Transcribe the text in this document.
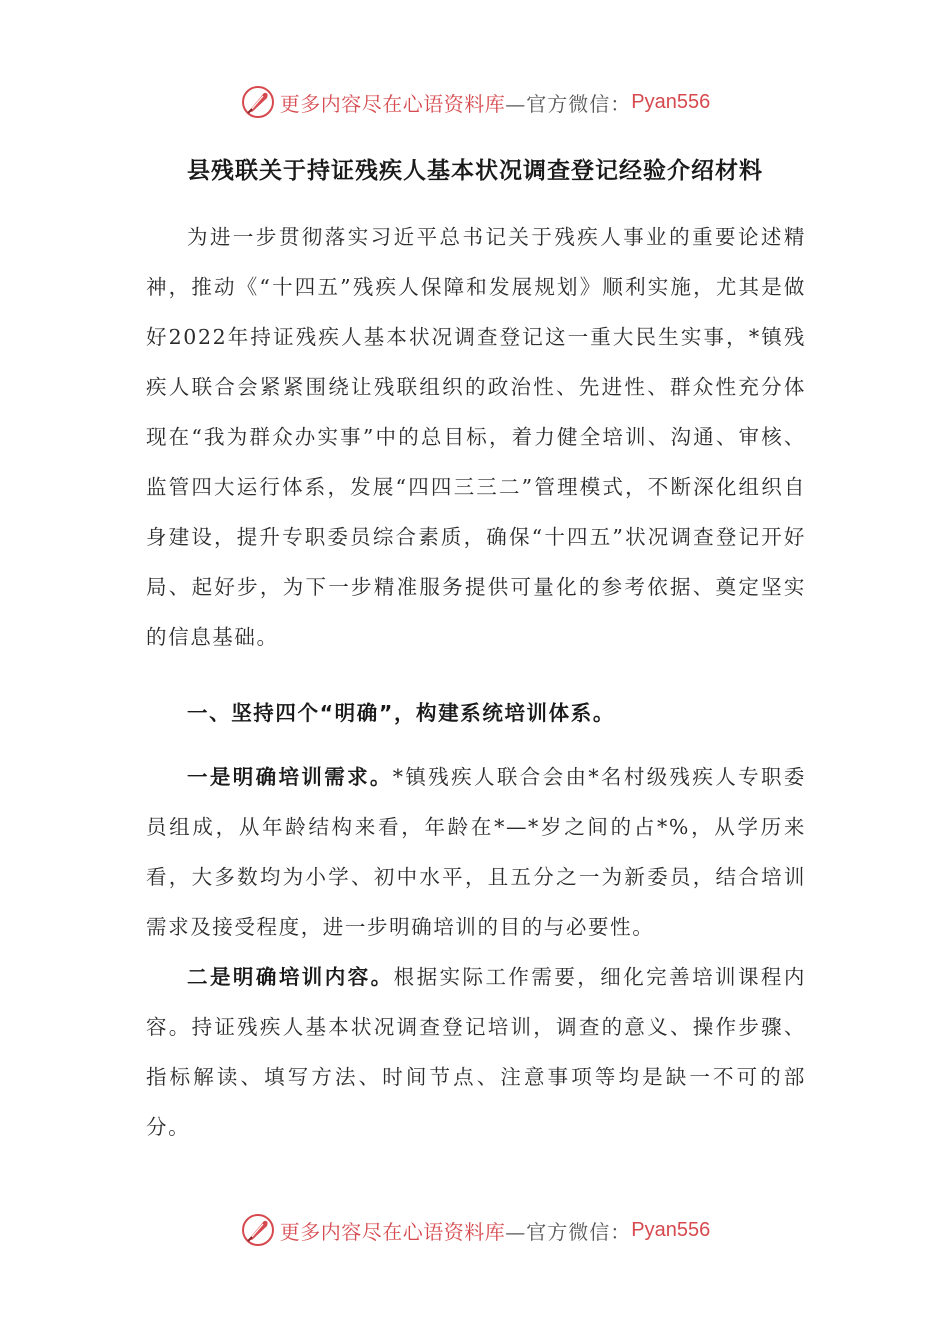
更多内容尽在心语资料库 —官方微信： Pyan556
县残联关于持证残疾人基本状况调查登记经验介绍材料

为进一步贯彻落实习近平总书记关于残疾人事业的重要论述精神，推动《“十四五”残疾人保障和发展规划》顺利实施，尤其是做好2022年持证残疾人基本状况调查登记这一重大民生实事，*镇残疾人联合会紧紧围绕让残联组织的政治性、先进性、群众性充分体现在“我为群众办实事”中的总目标，着力健全培训、沟通、审核、监管四大运行体系，发展“四四三三二”管理模式，不断深化组织自身建设，提升专职委员综合素质，确保“十四五”状况调查登记开好局、起好步，为下一步精准服务提供可量化的参考依据、奠定坚实的信息基础。

一、坚持四个“明确”，构建系统培训体系。

一是明确培训需求。*镇残疾人联合会由*名村级残疾人专职委员组成，从年龄结构来看，年龄在*—*岁之间的占*%，从学历来看，大多数均为小学、初中水平，且五分之一为新委员，结合培训需求及接受程度，进一步明确培训的目的与必要性。

二是明确培训内容。根据实际工作需要，细化完善培训课程内容。持证残疾人基本状况调查登记培训，调查的意义、操作步骤、指标解读、填写方法、时间节点、注意事项等均是缺一不可的部分。

更多内容尽在心语资料库 —官方微信： Pyan556
